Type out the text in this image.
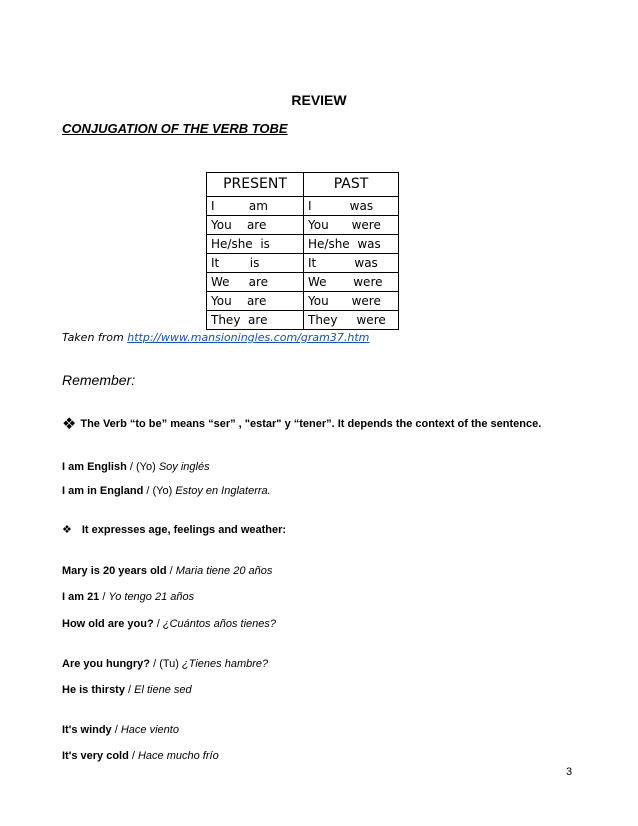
REVIEW
CONJUGATION OF THE VERB TOBE
PRESENT	PAST
I         am	I          was
You    are	You      were
He/she  is	He/she  was
It        is	It          was
We     are	We       were
You    are	You      were
They  are	They     were
Taken from http://www.mansioningles.com/gram37.htm
Remember:
❖ The Verb “to be” means “ser” , "estar" y “tener”. It depends the context of the sentence.
I am English / (Yo) Soy inglés
I am in England / (Yo) Estoy en Inglaterra.
❖ It expresses age, feelings and weather:
Mary is 20 years old / Maria tiene 20 años
I am 21 / Yo tengo 21 años
How old are you? / ¿Cuántos años tienes?
Are you hungry? / (Tu) ¿Tienes hambre?
He is thirsty / El tiene sed
It's windy / Hace viento
It's very cold / Hace mucho frío
3
